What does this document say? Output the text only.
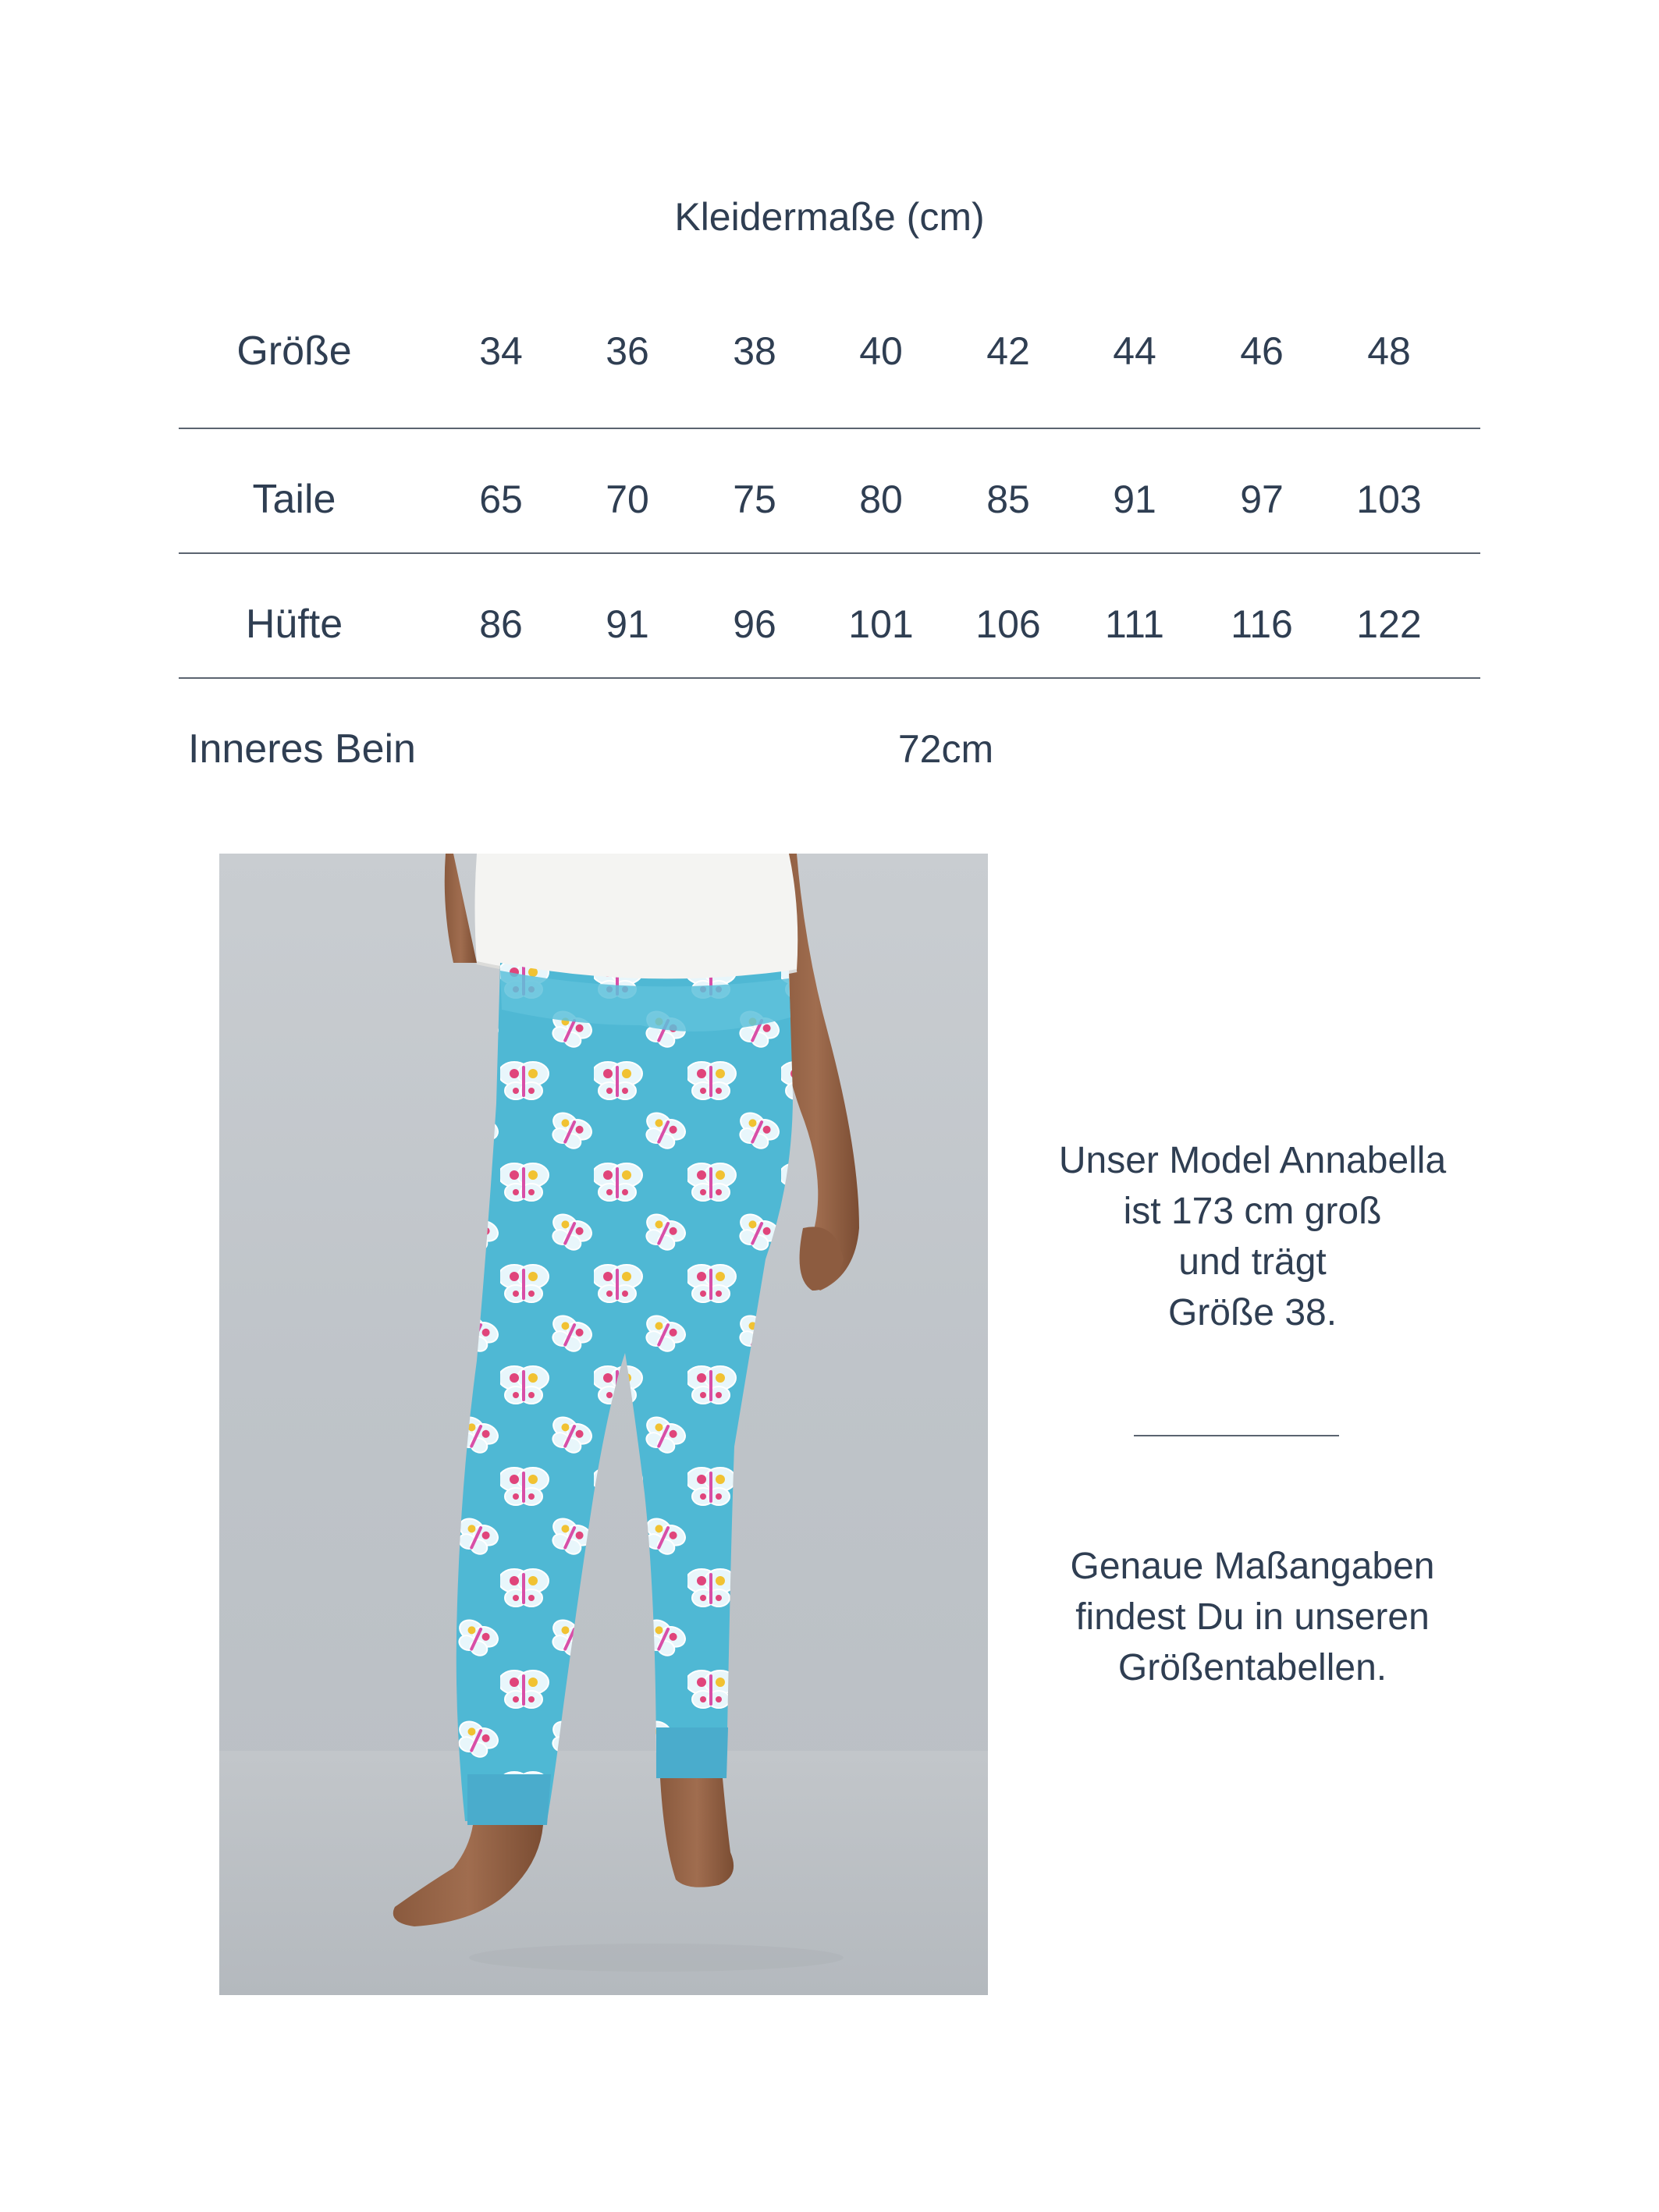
Kleidermaße (cm)
Größe	34	36	38	40	42	44	46	48
Taile	65	70	75	80	85	91	97	103
Hüfte	86	91	96	101	106	111	116	122
Inneres Bein	72cm
Unser Model Annabella
ist 173 cm groß
und trägt
Größe 38.
Genaue Maßangaben
findest Du in unseren
Größentabellen.
